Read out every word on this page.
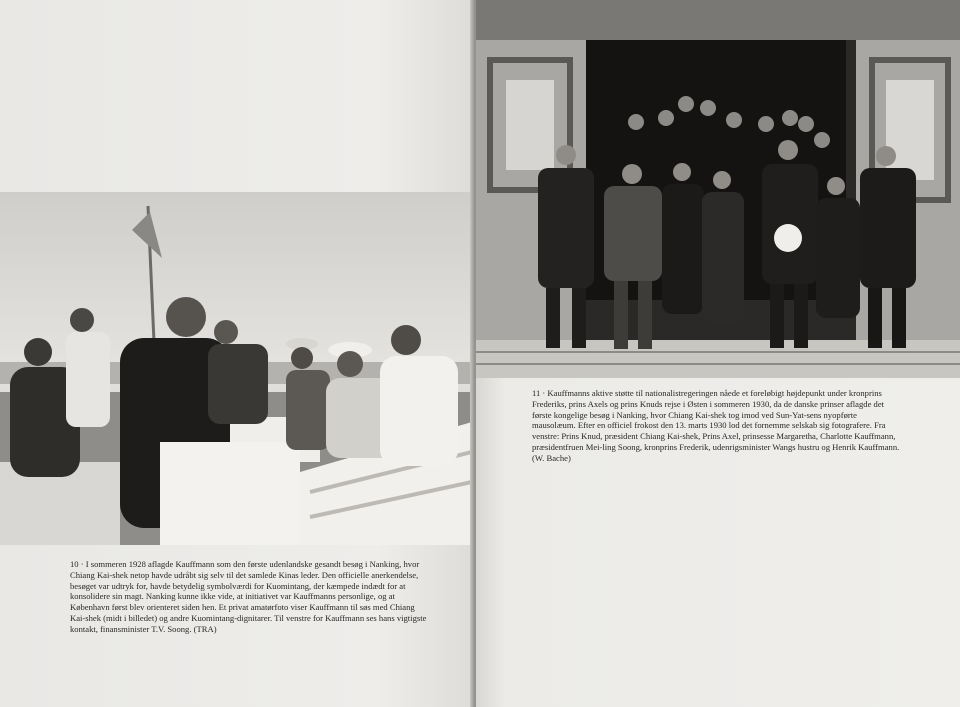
10 · I sommeren 1928 aflagde Kauffmann som den første udenlandske gesandt besøg i Nanking, hvor Chiang Kai-shek netop havde udråbt sig selv til det samlede Kinas leder. Den officielle anerkendelse, besøget var udtryk for, havde betydelig symbolværdi for Kuomintang, der kæmpede indædt for at konsolidere sin magt. Nanking kunne ikke vide, at initiativet var Kauffmanns personlige, og at København først blev orienteret siden hen. Et privat amatørfoto viser Kauffmann til søs med Chiang Kai-shek (midt i billedet) og andre Kuomintang-dignitarer. Til venstre for Kauffmann ses hans vigtigste kontakt, finansminister T.V. Soong. (TRA)

11 · Kauffmanns aktive støtte til nationalistregeringen nåede et foreløbigt højdepunkt under kronprins Frederiks, prins Axels og prins Knuds rejse i Østen i sommeren 1930, da de danske prinser aflagde det første kongelige besøg i Nanking, hvor Chiang Kai-shek tog imod ved Sun-Yat-sens nyopførte mausolæum. Efter en officiel frokost den 13. marts 1930 lod det fornemme selskab sig fotografere. Fra venstre: Prins Knud, præsident Chiang Kai-shek, Prins Axel, prinsesse Margaretha, Charlotte Kauffmann, præsidentfruen Mei-ling Soong, kronprins Frederik, udenrigsminister Wangs hustru og Henrik Kauffmann.

(W. Bache)
